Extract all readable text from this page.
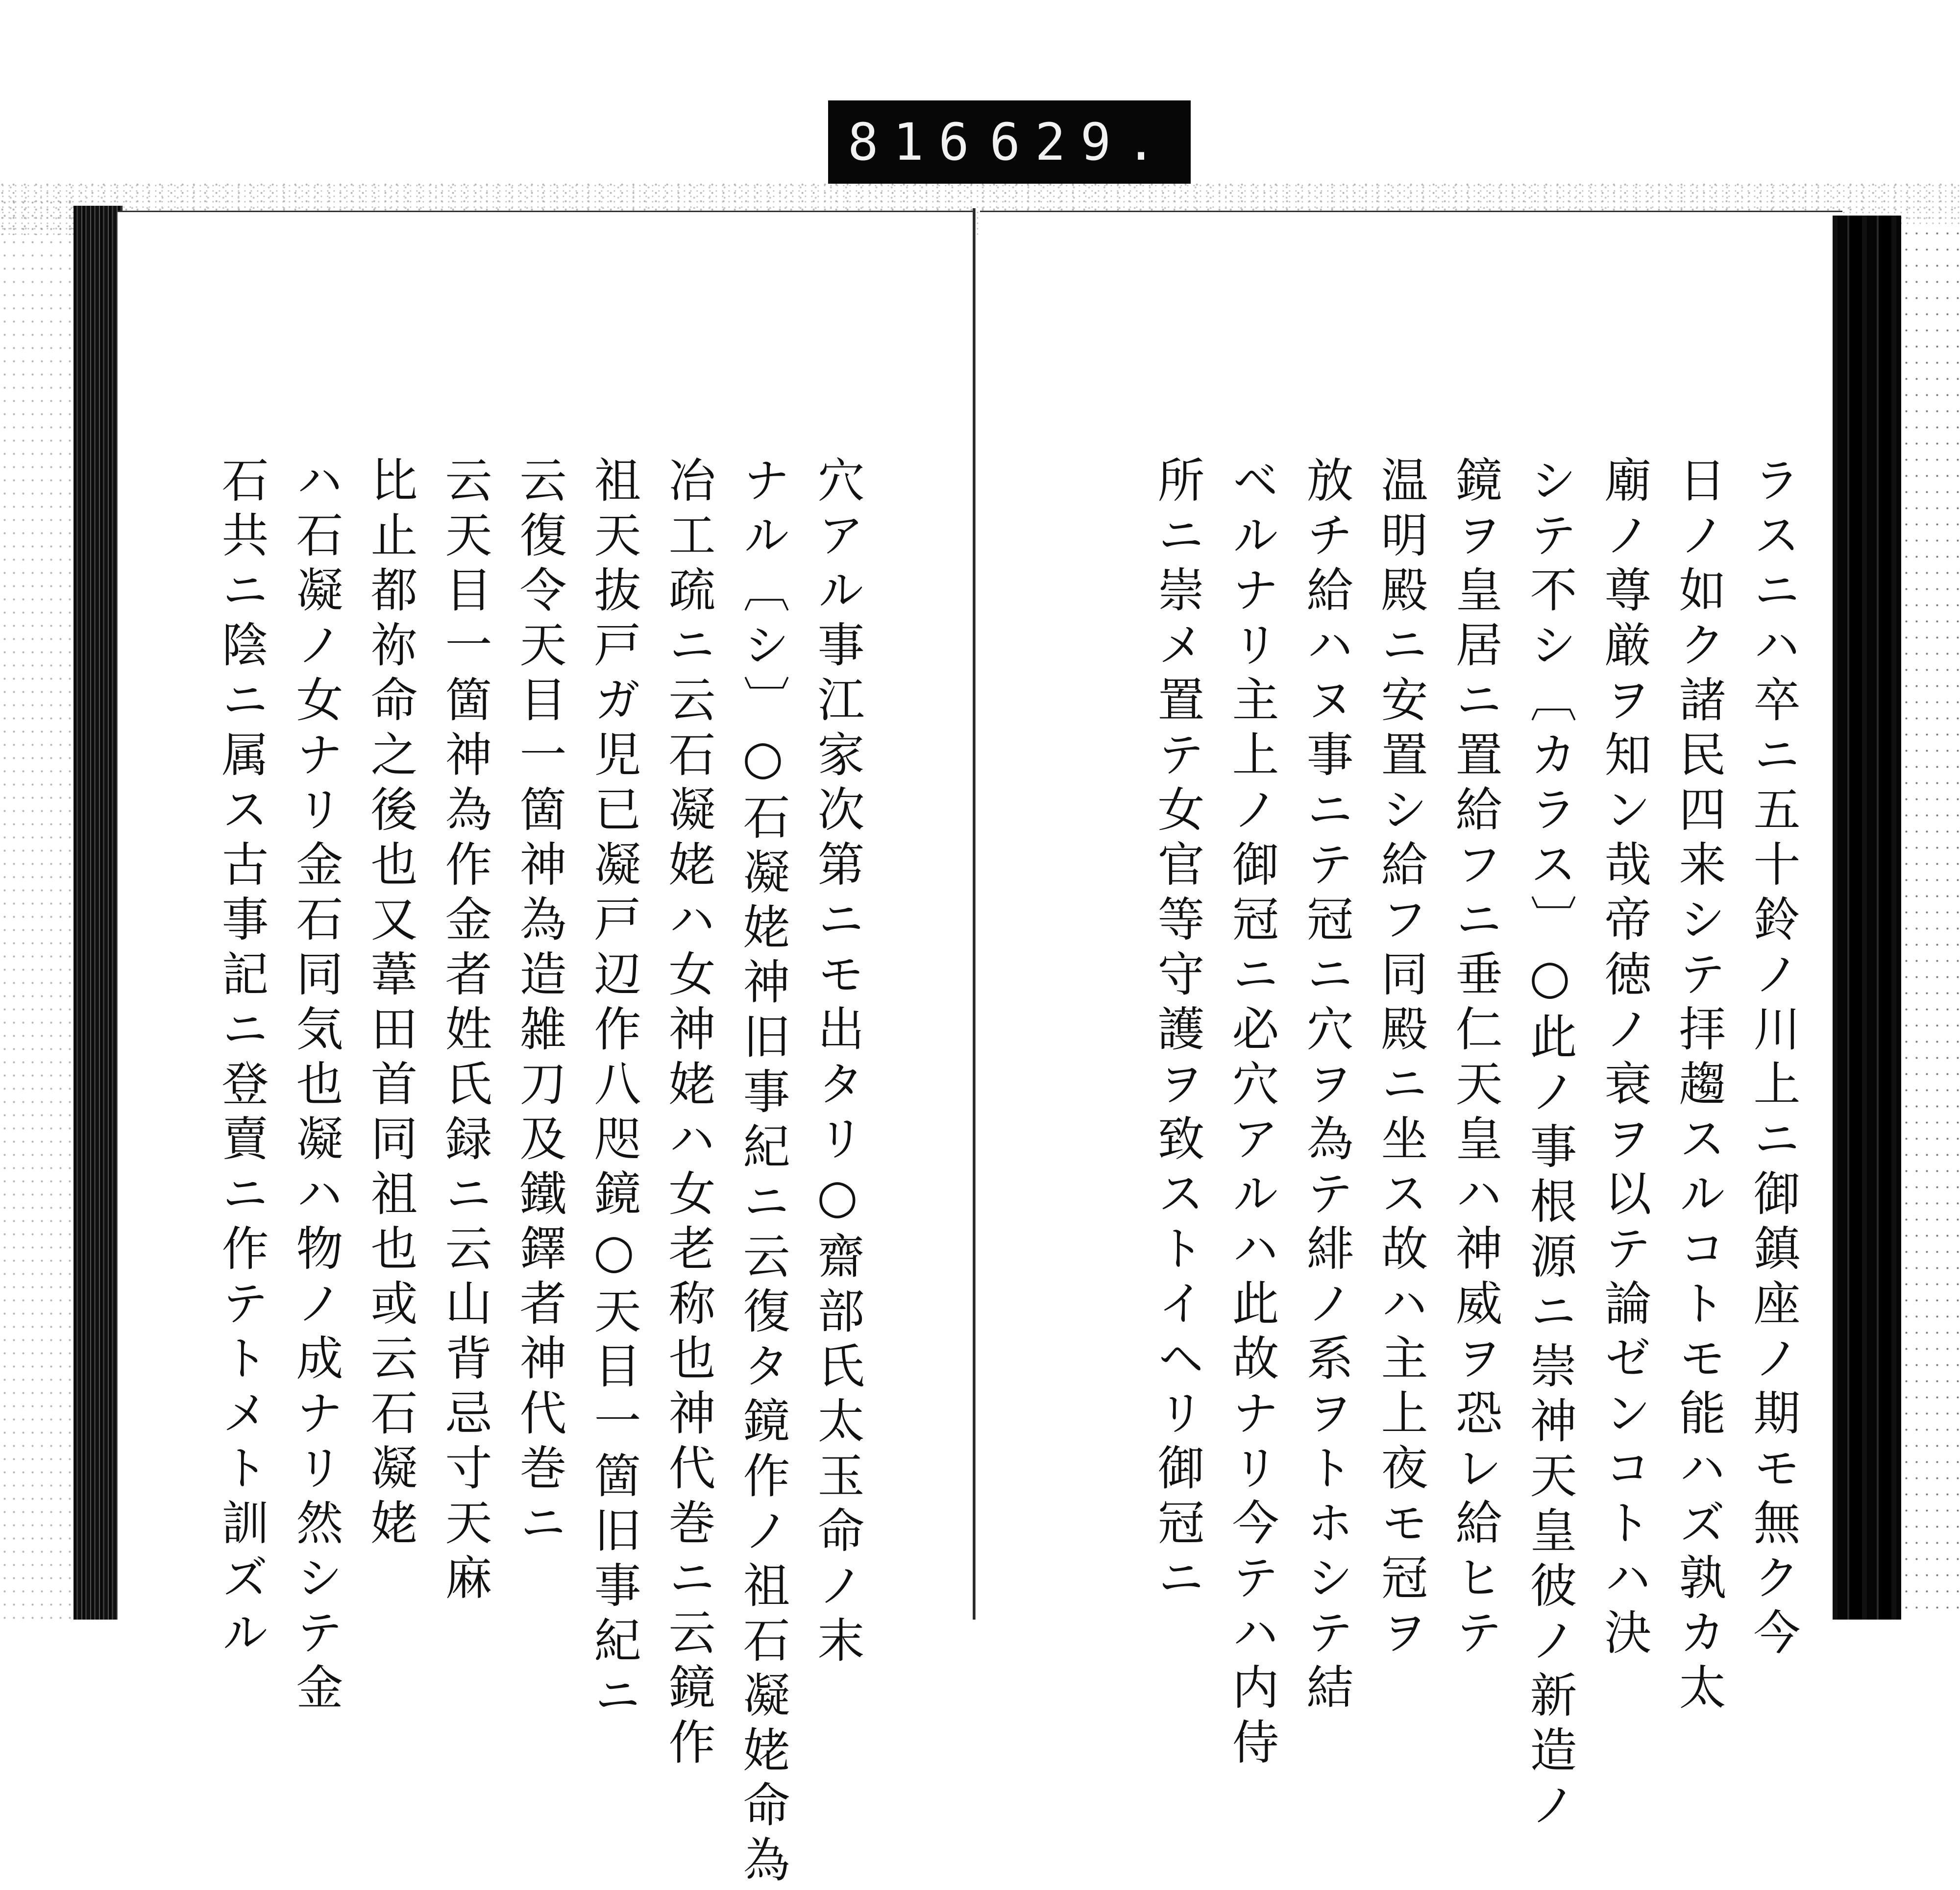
816 629.
ラスニハ卒ニ五十鈴ノ川上ニ御鎮座ノ期モ無ク今
日ノ如ク諸民四来シテ拝趨スルコトモ能ハズ孰カ太
廟ノ尊厳ヲ知ン哉帝徳ノ衰ヲ以テ論ゼンコトハ決
シテ不シ〔カラス〕○此ノ事根源ニ崇神天皇彼ノ新造ノ
鏡ヲ皇居ニ置給フニ垂仁天皇ハ神威ヲ恐レ給ヒテ
温明殿ニ安置シ給フ同殿ニ坐ス故ハ主上夜モ冠ヲ
放チ給ハヌ事ニテ冠ニ穴ヲ為テ緋ノ系ヲトホシテ結
ベルナリ主上ノ御冠ニ必穴アルハ此故ナリ今テハ内侍
所ニ崇メ置テ女官等守護ヲ致ストイヘリ御冠ニ
穴アル事江家次第ニモ出タリ○齋部氏太玉命ノ末
ナル〔シ〕○石凝姥神旧事紀ニ云復タ鏡作ノ祖石凝姥命為
冶工疏ニ云石凝姥ハ女神姥ハ女老称也神代巻ニ云鏡作
祖天抜戸ガ児已凝戸辺作八咫鏡○天目一箇旧事紀ニ
云復令天目一箇神為造雑刀及鐵鐸者神代巻ニ
云天目一箇神為作金者姓氏録ニ云山背忌寸天麻
比止都祢命之後也又葦田首同祖也或云石凝姥
ハ石凝ノ女ナリ金石同気也凝ハ物ノ成ナリ然シテ金
石共ニ陰ニ属ス古事記ニ登賣ニ作テトメト訓ズル
